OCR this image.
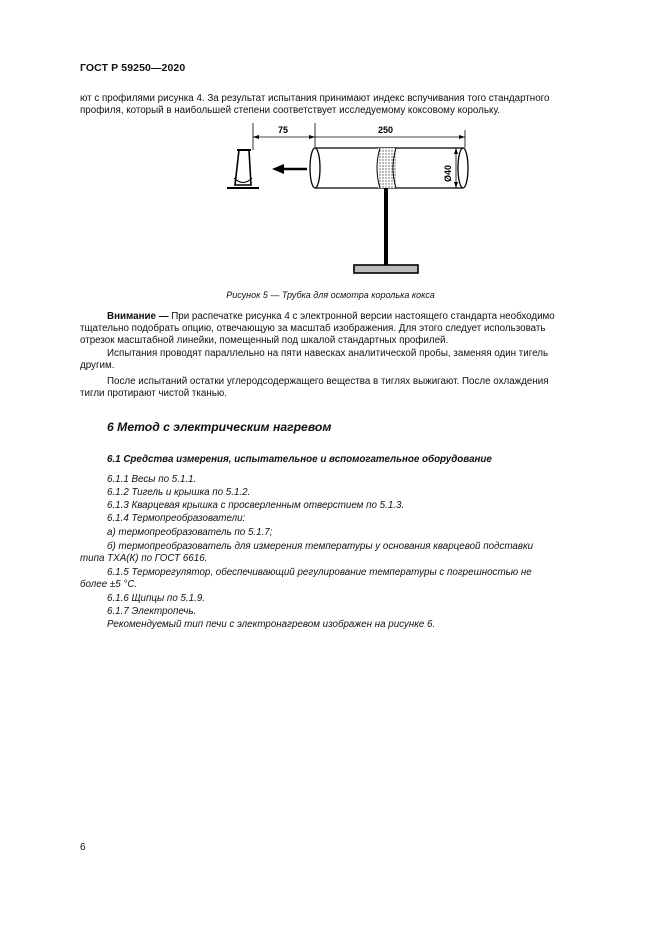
ГОСТ Р 59250—2020
ют с профилями рисунка 4. За результат испытания принимают индекс вспучивания того стандартного
профиля, который в наибольшей степени соответствует исследуемому коксовому корольку.
75	250
Ø40
Рисунок 5 — Трубка для осмотра королька кокса
Внимание — При распечатке рисунка 4 с электронной версии настоящего стандарта необходимо
тщательно подобрать опцию, отвечающую за масштаб изображения. Для этого следует использовать
отрезок масштабной линейки, помещенный под шкалой стандартных профилей.
Испытания проводят параллельно на пяти навесках аналитической пробы, заменяя один тигель
другим.
После испытаний остатки углеродсодержащего вещества в тиглях выжигают. После охлаждения
тигли протирают чистой тканью.
6 Метод с электрическим нагревом
6.1 Средства измерения, испытательное и вспомогательное оборудование
6.1.1 Весы по 5.1.1.
6.1.2 Тигель и крышка по 5.1.2.
6.1.3 Кварцевая крышка с просверленным отверстием по 5.1.3.
6.1.4 Термопреобразователи:
а) термопреобразователь по 5.1.7;
б) термопреобразователь для измерения температуры у основания кварцевой подставки
типа ТХА(К) по ГОСТ 6616.
6.1.5 Терморегулятор, обеспечивающий регулирование температуры с погрешностью не
более ±5 °С.
6.1.6 Щипцы по 5.1.9.
6.1.7 Электропечь.
Рекомендуемый тип печи с электронагревом изображен на рисунке 6.
6
